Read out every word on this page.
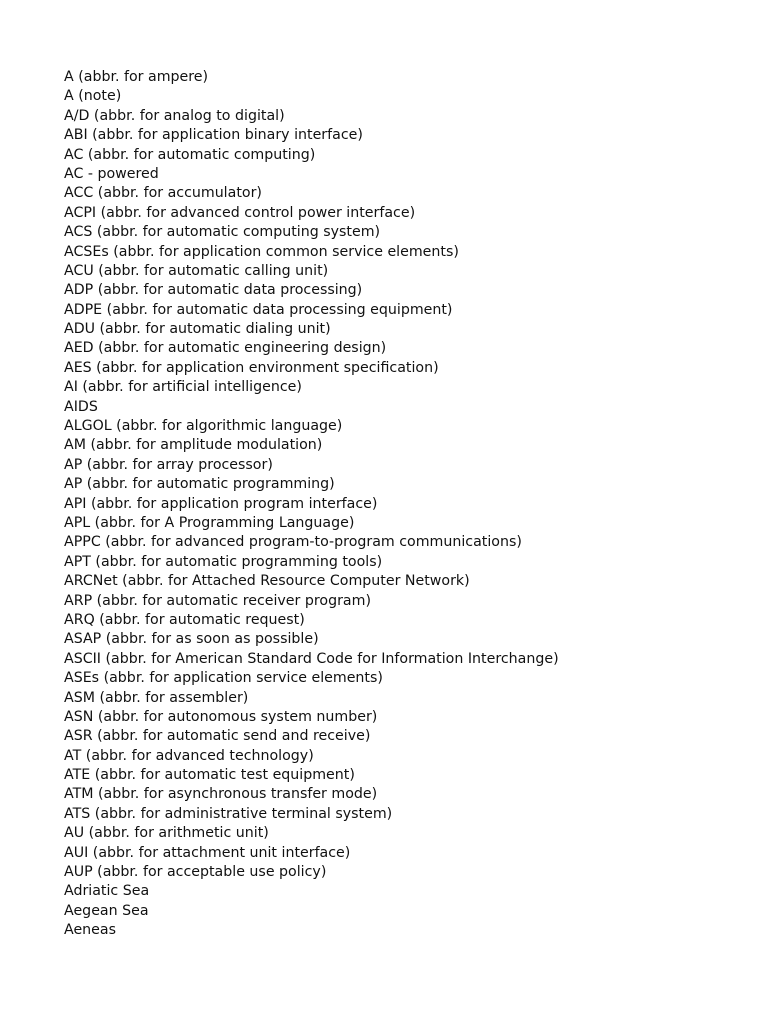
A (abbr. for ampere)
A (note)
A/D (abbr. for analog to digital)
ABI (abbr. for application binary interface)
AC (abbr. for automatic computing)
AC - powered
ACC (abbr. for accumulator)
ACPI (abbr. for advanced control power interface)
ACS (abbr. for automatic computing system)
ACSEs (abbr. for application common service elements)
ACU (abbr. for automatic calling unit)
ADP (abbr. for automatic data processing)
ADPE (abbr. for automatic data processing equipment)
ADU (abbr. for automatic dialing unit)
AED (abbr. for automatic engineering design)
AES (abbr. for application environment specification)
AI (abbr. for artificial intelligence)
AIDS
ALGOL (abbr. for algorithmic language)
AM (abbr. for amplitude modulation)
AP (abbr. for array processor)
AP (abbr. for automatic programming)
API (abbr. for application program interface)
APL (abbr. for A Programming Language)
APPC (abbr. for advanced program-to-program communications)
APT (abbr. for automatic programming tools)
ARCNet (abbr. for Attached Resource Computer Network)
ARP (abbr. for automatic receiver program)
ARQ (abbr. for automatic request)
ASAP (abbr. for as soon as possible)
ASCII (abbr. for American Standard Code for Information Interchange)
ASEs (abbr. for application service elements)
ASM (abbr. for assembler)
ASN (abbr. for autonomous system number)
ASR (abbr. for automatic send and receive)
AT (abbr. for advanced technology)
ATE (abbr. for automatic test equipment)
ATM (abbr. for asynchronous transfer mode)
ATS (abbr. for administrative terminal system)
AU (abbr. for arithmetic unit)
AUI (abbr. for attachment unit interface)
AUP (abbr. for acceptable use policy)
Adriatic Sea
Aegean Sea
Aeneas
